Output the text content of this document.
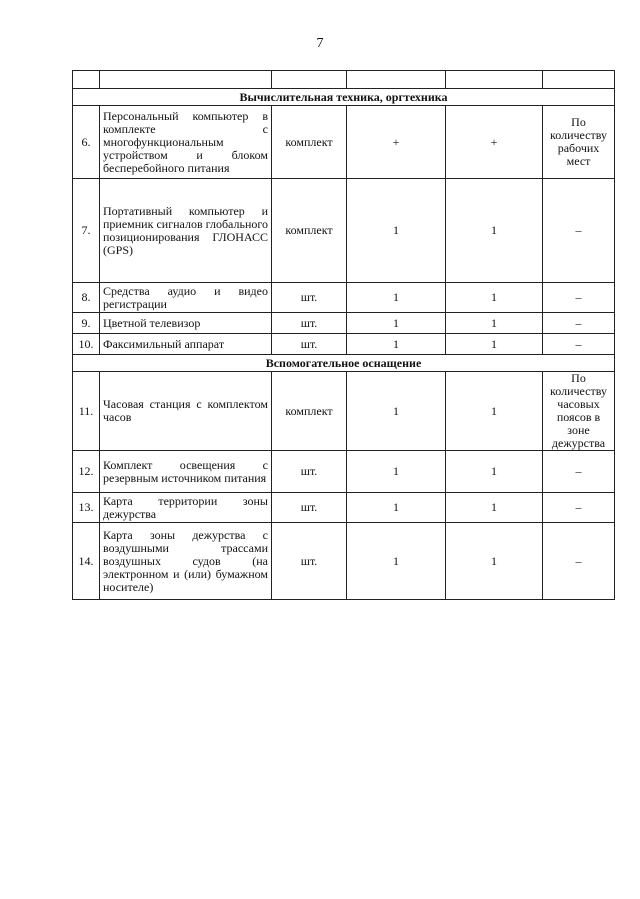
7

Вычислительная техника, оргтехника					
6.	Персональный компьютер в комплекте с многофункциональным устройством и блоком бесперебойного питания	комплект	+	+	По количеству рабочих мест
7.	Портативный компьютер и приемник сигналов глобального позиционирования ГЛОНАСС (GPS)	комплект	1	1	–
8.	Средства аудио и видео регистрации	шт.	1	1	–
9.	Цветной телевизор	шт.	1	1	–
10.	Факсимильный аппарат	шт.	1	1	–
Вспомогательное оснащение					
11.	Часовая станция с комплектом часов	комплект	1	1	По количеству часовых поясов в зоне дежурства
12.	Комплект освещения с резервным источником питания	шт.	1	1	–
13.	Карта территории зоны дежурства	шт.	1	1	–
14.	Карта зоны дежурства с воздушными трассами воздушных судов (на электронном и (или) бумажном носителе)	шт.	1	1	–
